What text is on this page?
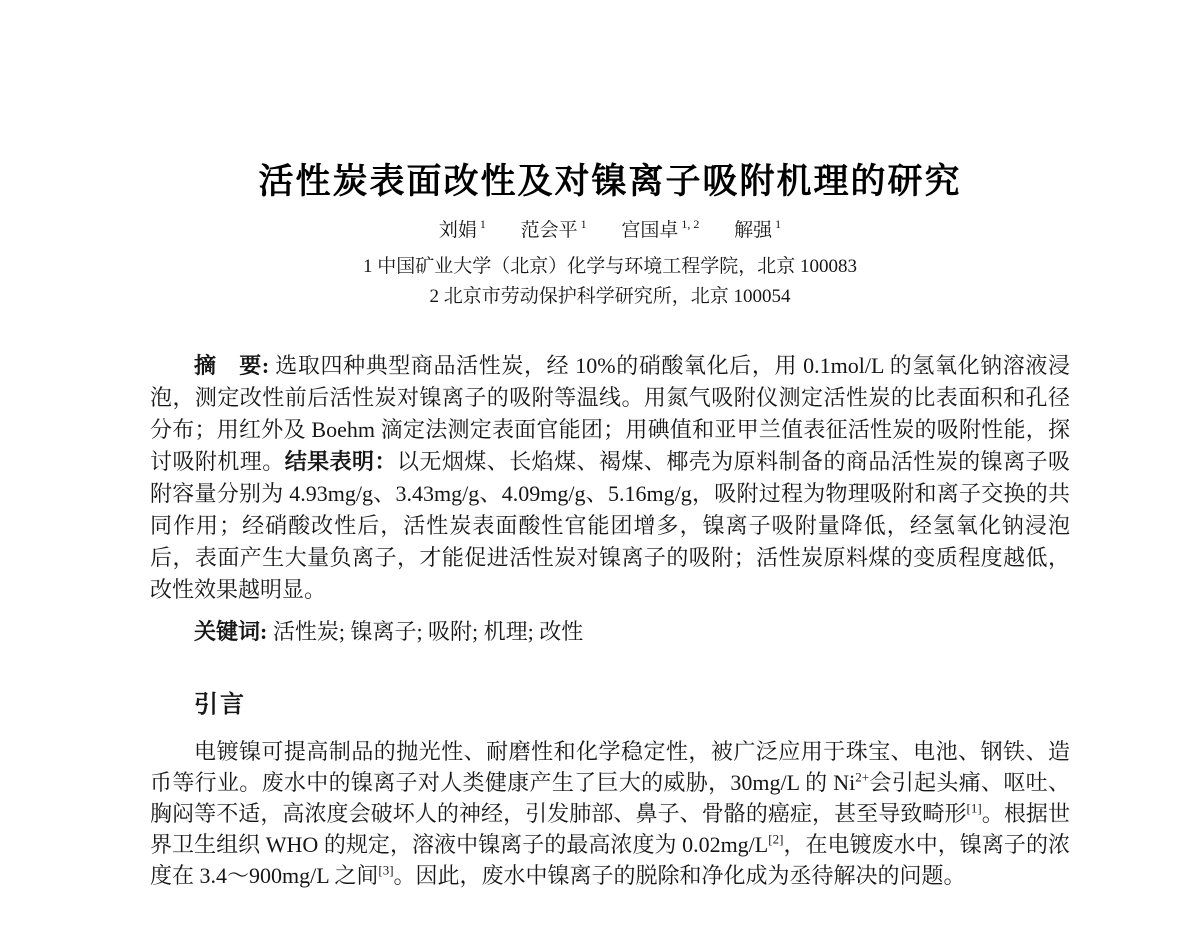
活性炭表面改性及对镍离子吸附机理的研究
刘娟 $^1$ 范会平 $^1$ 宫国卓 $^{1, 2}$ 解强 $^1$
1 中国矿业大学（北京）化学与环境工程学院，北京 100083
2 北京市劳动保护科学研究所，北京 100054

摘　要: 选取四种典型商品活性炭，经 10%的硝酸氧化后，用 0.1mol/L 的氢氧化钠溶液浸泡，测定改性前后活性炭对镍离子的吸附等温线。用氮气吸附仪测定活性炭的比表面积和孔径分布；用红外及 Boehm 滴定法测定表面官能团；用碘值和亚甲兰值表征活性炭的吸附性能，探讨吸附机理。结果表明：以无烟煤、长焰煤、褐煤、椰壳为原料制备的商品活性炭的镍离子吸附容量分别为 4.93mg/g、3.43mg/g、4.09mg/g、5.16mg/g，吸附过程为物理吸附和离子交换的共同作用；经硝酸改性后，活性炭表面酸性官能团增多，镍离子吸附量降低，经氢氧化钠浸泡后，表面产生大量负离子，才能促进活性炭对镍离子的吸附；活性炭原料煤的变质程度越低，改性效果越明显。

关键词: 活性炭; 镍离子; 吸附; 机理; 改性

引言

电镀镍可提高制品的抛光性、耐磨性和化学稳定性，被广泛应用于珠宝、电池、钢铁、造币等行业。废水中的镍离子对人类健康产生了巨大的威胁，30mg/L 的 $Ni^{2+}$会引起头痛、呕吐、胸闷等不适，高浓度会破坏人的神经，引发肺部、鼻子、骨骼的癌症，甚至导致畸形[1]。根据世界卫生组织 WHO 的规定，溶液中镍离子的最高浓度为 0.02mg/L[2]，在电镀废水中，镍离子的浓度在 3.4～900mg/L 之间[3]。因此，废水中镍离子的脱除和净化成为丞待解决的问题。
